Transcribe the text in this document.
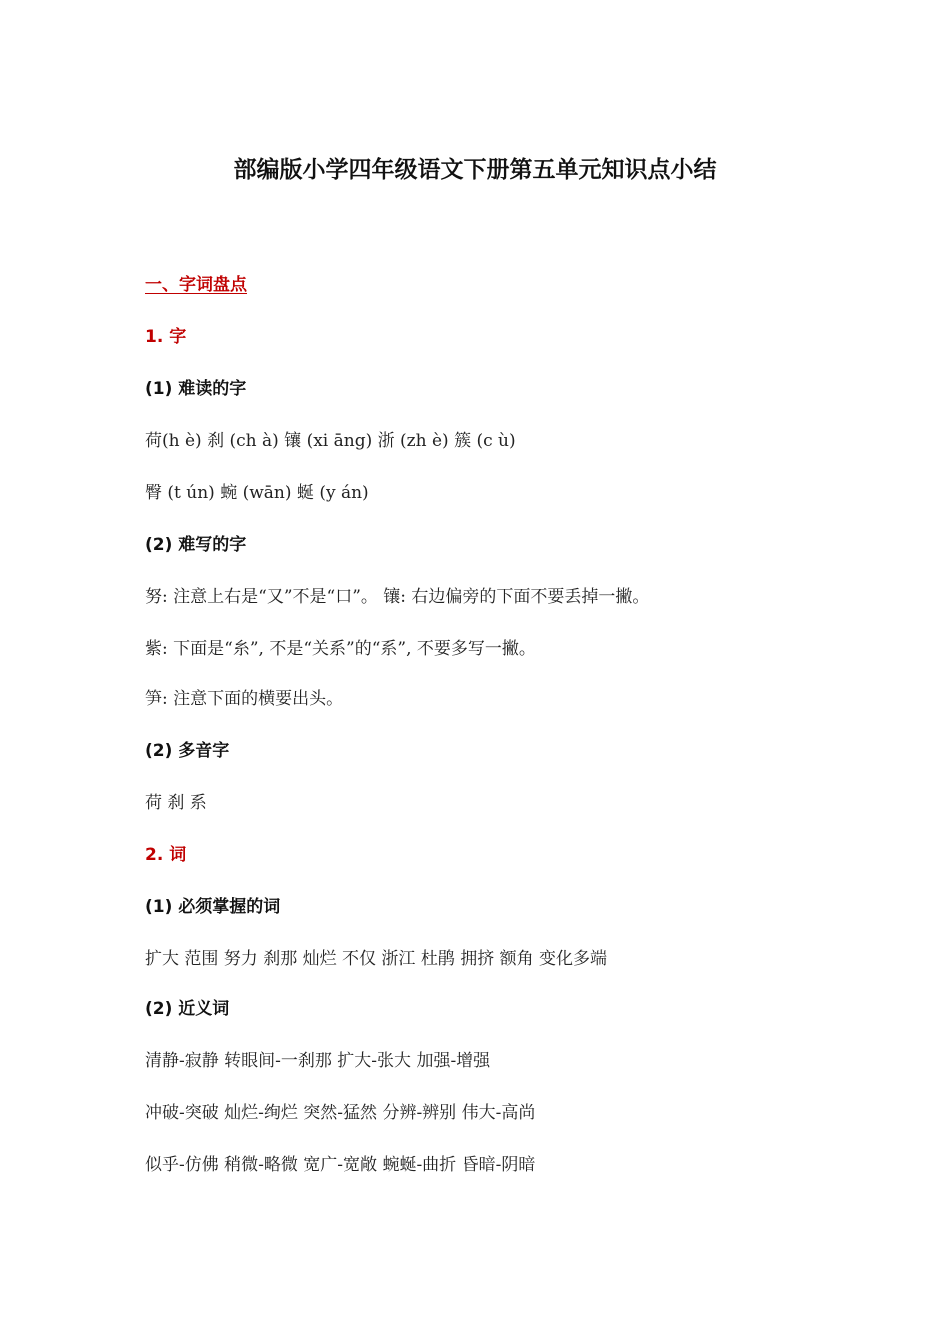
部编版小学四年级语文下册第五单元知识点小结
一、字词盘点
1. 字
(1) 难读的字
荷(h è) 刹 (ch à) 镶 (xi āng) 浙 (zh è) 簇 (c ù)
臀 (t ún) 蜿 (wān) 蜒 (y án)
(2) 难写的字
努: 注意上右是“又”不是“口”。 镶: 右边偏旁的下面不要丢掉一撇。
紫: 下面是“糸”, 不是“关系”的“系”, 不要多写一撇。
笋: 注意下面的横要出头。
(2) 多音字
荷 刹 系
2. 词
(1) 必须掌握的词
扩大 范围 努力 刹那 灿烂 不仅 浙江 杜鹃 拥挤 额角 变化多端
(2) 近义词
清静-寂静 转眼间-一刹那 扩大-张大 加强-增强
冲破-突破 灿烂-绚烂 突然-猛然 分辨-辨别 伟大-高尚
似乎-仿佛 稍微-略微 宽广-宽敞 蜿蜒-曲折 昏暗-阴暗
